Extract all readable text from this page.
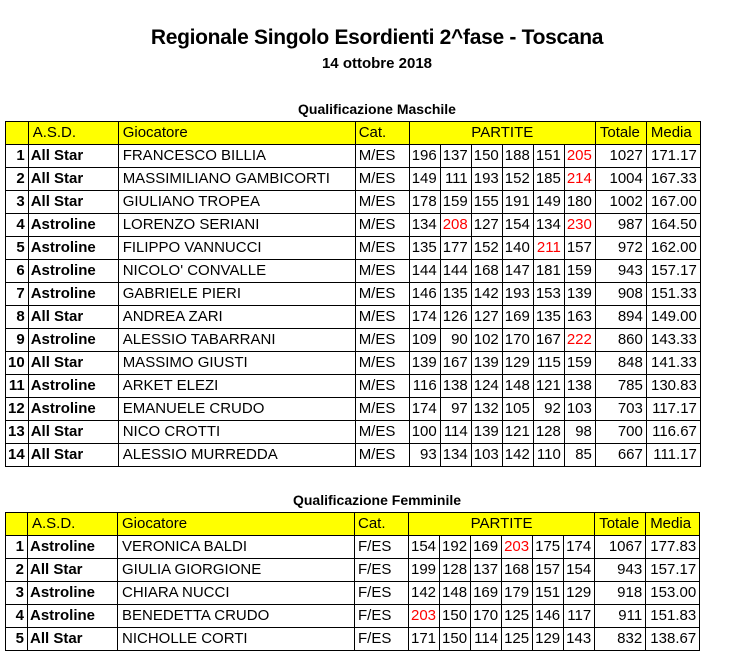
Regionale Singolo Esordienti 2^fase - Toscana
14 ottobre 2018
Qualificazione Maschile
	A.S.D.	Giocatore	Cat.	PARTITE						Totale	Media
1	All Star	FRANCESCO BILLIA	M/ES	196	137	150	188	151	205	1027	171.17
2	All Star	MASSIMILIANO GAMBICORTI	M/ES	149	111	193	152	185	214	1004	167.33
3	All Star	GIULIANO TROPEA	M/ES	178	159	155	191	149	180	1002	167.00
4	Astroline	LORENZO SERIANI	M/ES	134	208	127	154	134	230	987	164.50
5	Astroline	FILIPPO VANNUCCI	M/ES	135	177	152	140	211	157	972	162.00
6	Astroline	NICOLO' CONVALLE	M/ES	144	144	168	147	181	159	943	157.17
7	Astroline	GABRIELE PIERI	M/ES	146	135	142	193	153	139	908	151.33
8	All Star	ANDREA ZARI	M/ES	174	126	127	169	135	163	894	149.00
9	Astroline	ALESSIO TABARRANI	M/ES	109	90	102	170	167	222	860	143.33
10	All Star	MASSIMO GIUSTI	M/ES	139	167	139	129	115	159	848	141.33
11	Astroline	ARKET ELEZI	M/ES	116	138	124	148	121	138	785	130.83
12	Astroline	EMANUELE CRUDO	M/ES	174	97	132	105	92	103	703	117.17
13	All Star	NICO CROTTI	M/ES	100	114	139	121	128	98	700	116.67
14	All Star	ALESSIO MURREDDA	M/ES	93	134	103	142	110	85	667	111.17
Qualificazione Femminile
	A.S.D.	Giocatore	Cat.	PARTITE						Totale	Media
1	Astroline	VERONICA BALDI	F/ES	154	192	169	203	175	174	1067	177.83
2	All Star	GIULIA GIORGIONE	F/ES	199	128	137	168	157	154	943	157.17
3	Astroline	CHIARA NUCCI	F/ES	142	148	169	179	151	129	918	153.00
4	Astroline	BENEDETTA CRUDO	F/ES	203	150	170	125	146	117	911	151.83
5	All Star	NICHOLLE CORTI	F/ES	171	150	114	125	129	143	832	138.67
